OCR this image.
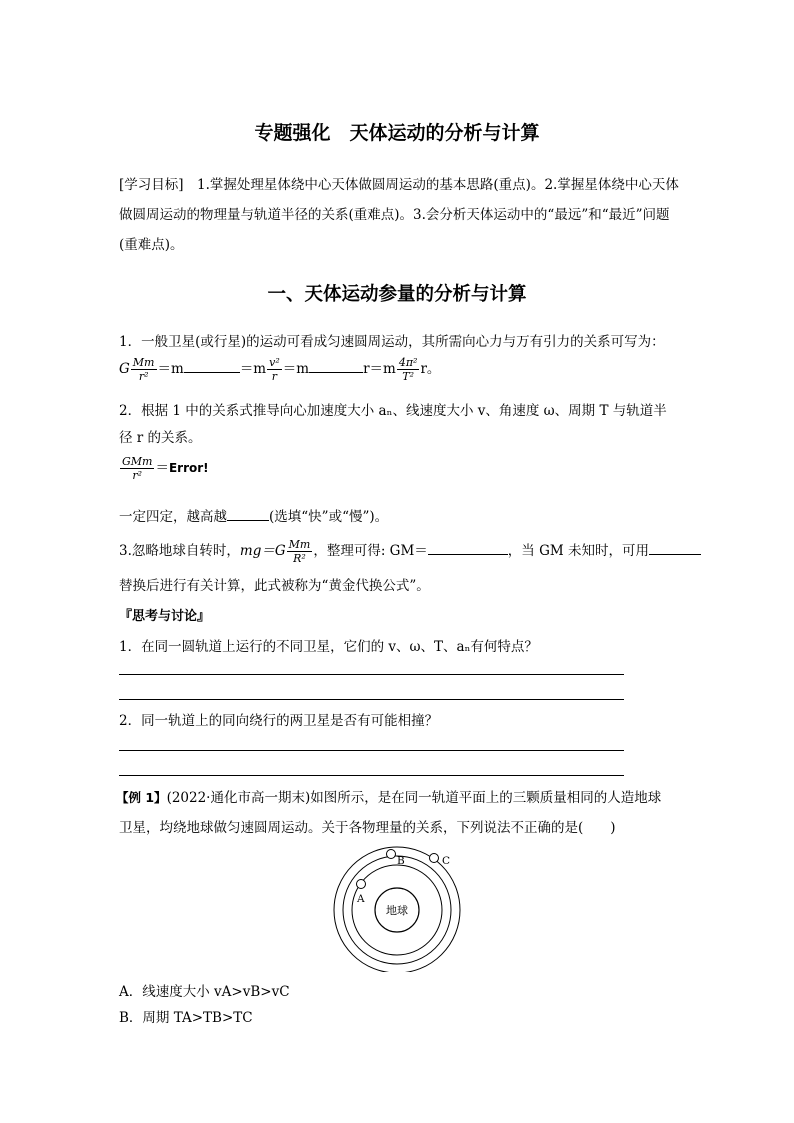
专题强化　天体运动的分析与计算
[学习目标]　1.掌握处理星体绕中心天体做圆周运动的基本思路(重点)。2.掌握星体绕中心天体做圆周运动的物理量与轨道半径的关系(重难点)。3.会分析天体运动中的“最远”和“最近”问题(重难点)。
一、天体运动参量的分析与计算
1．一般卫星(或行星)的运动可看成匀速圆周运动，其所需向心力与万有引力的关系可写为：
G $\frac{Mm}{\text{r²}} =m$	$=m \frac{\text{v²}}{r} =m$	$r=m \frac{\text{4π²}}{\text{T²}}$ r。
2．根据 1 中的关系式推导向心加速度大小 aₙ、线速度大小 v、角速度 ω、周期 T 与轨道半径 r 的关系。
$\frac{\text{GMm}}{\text{r²}}$ ＝Error!
一定四定，越高越	(选填“快”或“慢”)。
3.忽略地球自转时，$mg=G \frac{Mm}{\text{R²}}$ ，整理可得: GM＝	，当 GM 未知时，可用
替换后进行有关计算，此式被称为“黄金代换公式”。
『思考与讨论』
1．在同一圆轨道上运行的不同卫星，它们的 v、ω、T、aₙ有何特点？
2．同一轨道上的同向绕行的两卫星是否有可能相撞？
【例 1】(2022·通化市高一期末)如图所示，是在同一轨道平面上的三颗质量相同的人造地球
卫星，均绕地球做匀速圆周运动。关于各物理量的关系，下列说法不正确的是(　　)
地球
A
B	C
A．线速度大小 vA>vB>vC
B．周期 TA>TB>TC
